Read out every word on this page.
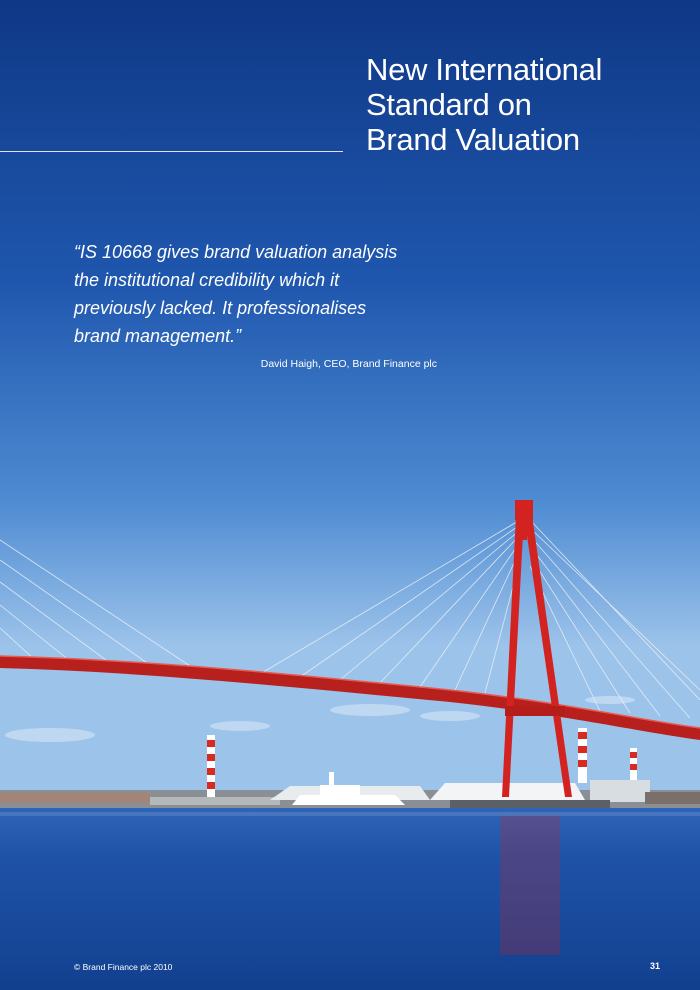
New International
Standard on
Brand Valuation
“IS 10668 gives brand valuation analysis
the institutional credibility which it
previously lacked. It professionalises
brand management.”
David Haigh, CEO, Brand Finance plc
© Brand Finance plc 2010	31
